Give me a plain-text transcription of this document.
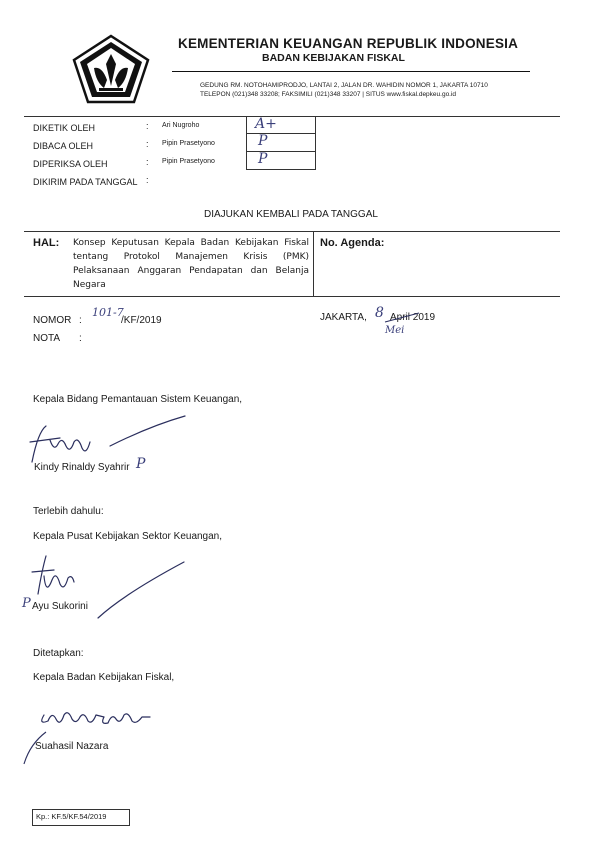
KEMENTERIAN KEUANGAN REPUBLIK INDONESIA
BADAN KEBIJAKAN FISKAL
GEDUNG RM. NOTOHAMIPRODJO, LANTAI 2, JALAN DR. WAHIDIN NOMOR 1, JAKARTA 10710
TELEPON (021)348 33208; FAKSIMILI (021)348 33207 | SITUS www.fiskal.depkeu.go.id
DIKETIK OLEH	: Ari Nugroho
DIBACA OLEH	: Pipin Prasetyono
DIPERIKSA OLEH	: Pipin Prasetyono
DIKIRIM PADA TANGGAL :
A+
P
P
DIAJUKAN KEMBALI PADA TANGGAL
HAL: Konsep Keputusan Kepala Badan Kebijakan Fiskal
tentang Protokol Manajemen Krisis (PMK)
Pelaksanaan Anggaran Pendapatan dan Belanja
Negara
No. Agenda:
NOMOR :
101-7
/KF/2019	JAKARTA, 8 April 2019
Mei
NOTA :
Kepala Bidang Pemantauan Sistem Keuangan,
Kindy Rinaldy Syahrir P
Terlebih dahulu:
Kepala Pusat Kebijakan Sektor Keuangan,
P Ayu Sukorini
Ditetapkan:
Kepala Badan Kebijakan Fiskal,
Suahasil Nazara
Kp.: KF.5/KF.54/2019
